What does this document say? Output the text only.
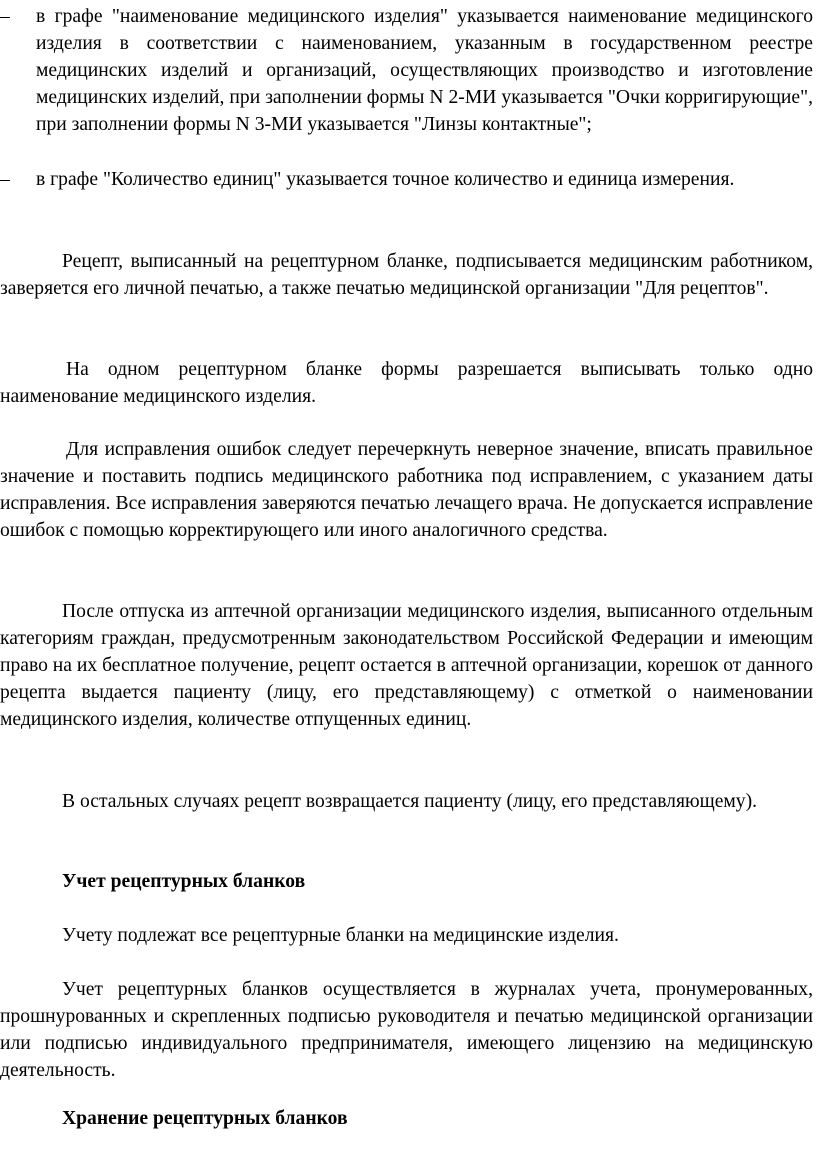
– в графе "наименование медицинского изделия" указывается наименование медицинского изделия в соответствии с наименованием, указанным в государственном реестре медицинских изделий и организаций, осуществляющих производство и изготовление медицинских изделий, при заполнении формы N 2-МИ указывается "Очки корригирующие", при заполнении формы N 3-МИ указывается "Линзы контактные";
– в графе "Количество единиц" указывается точное количество и единица измерения.

Рецепт, выписанный на рецептурном бланке, подписывается медицинским работником, заверяется его личной печатью, а также печатью медицинской организации "Для рецептов".

На одном рецептурном бланке формы разрешается выписывать только одно наименование медицинского изделия.

Для исправления ошибок следует перечеркнуть неверное значение, вписать правильное значение и поставить подпись медицинского работника под исправлением, с указанием даты исправления. Все исправления заверяются печатью лечащего врача. Не допускается исправление ошибок с помощью корректирующего или иного аналогичного средства.

После отпуска из аптечной организации медицинского изделия, выписанного отдельным категориям граждан, предусмотренным законодательством Российской Федерации и имеющим право на их бесплатное получение, рецепт остается в аптечной организации, корешок от данного рецепта выдается пациенту (лицу, его представляющему) с отметкой о наименовании медицинского изделия, количестве отпущенных единиц.

В остальных случаях рецепт возвращается пациенту (лицу, его представляющему).

Учет рецептурных бланков

Учету подлежат все рецептурные бланки на медицинские изделия.

Учет рецептурных бланков осуществляется в журналах учета, пронумерованных, прошнурованных и скрепленных подписью руководителя и печатью медицинской организации или подписью индивидуального предпринимателя, имеющего лицензию на медицинскую деятельность.

Хранение рецептурных бланков
